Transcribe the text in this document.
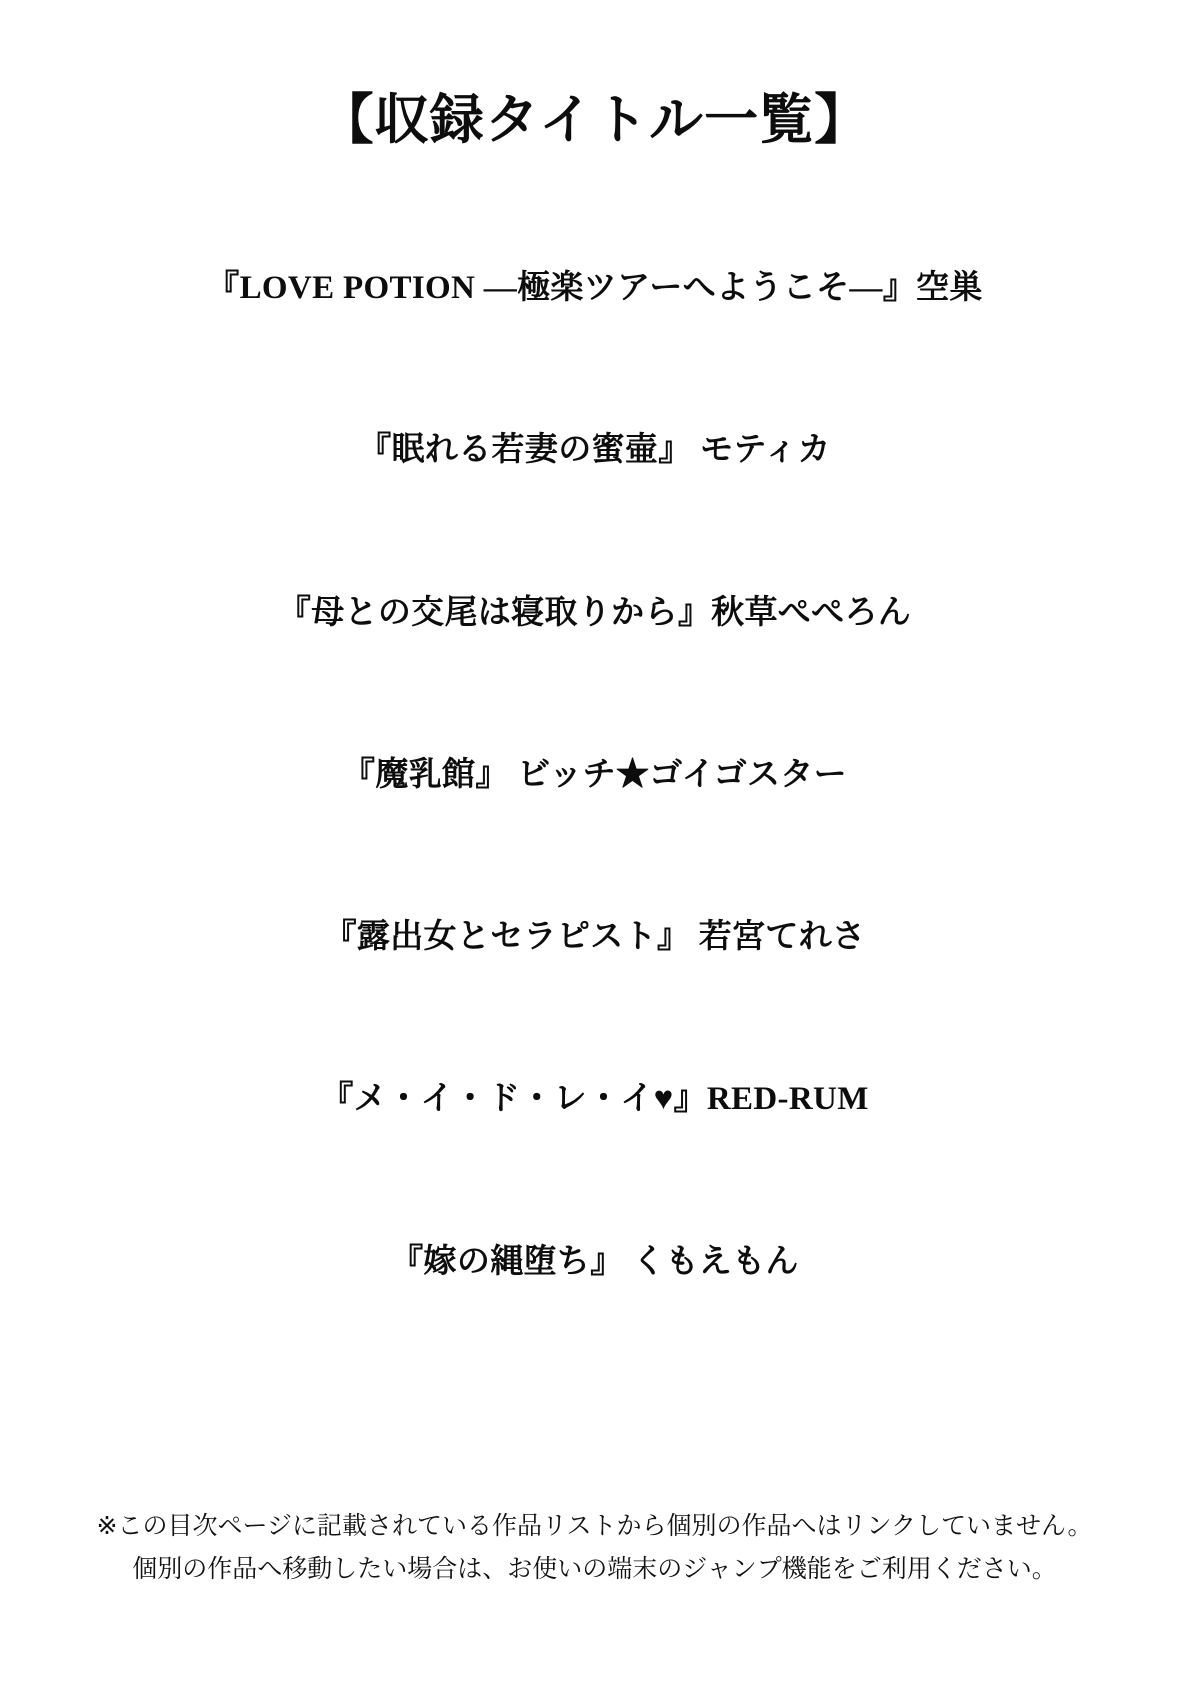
【収録タイトル一覧】
『LOVE POTION ―極楽ツアーへようこそ―』空巣
『眠れる若妻の蜜壷』 モティカ
『母との交尾は寝取りから』秋草ぺぺろん
『魔乳館』 ビッチ★ゴイゴスター
『露出女とセラピスト』 若宮てれさ
『メ・イ・ド・レ・イ♥』RED-RUM
『嫁の縄堕ち』 くもえもん
※この目次ページに記載されている作品リストから個別の作品へはリンクしていません。
個別の作品へ移動したい場合は、お使いの端末のジャンプ機能をご利用ください。
